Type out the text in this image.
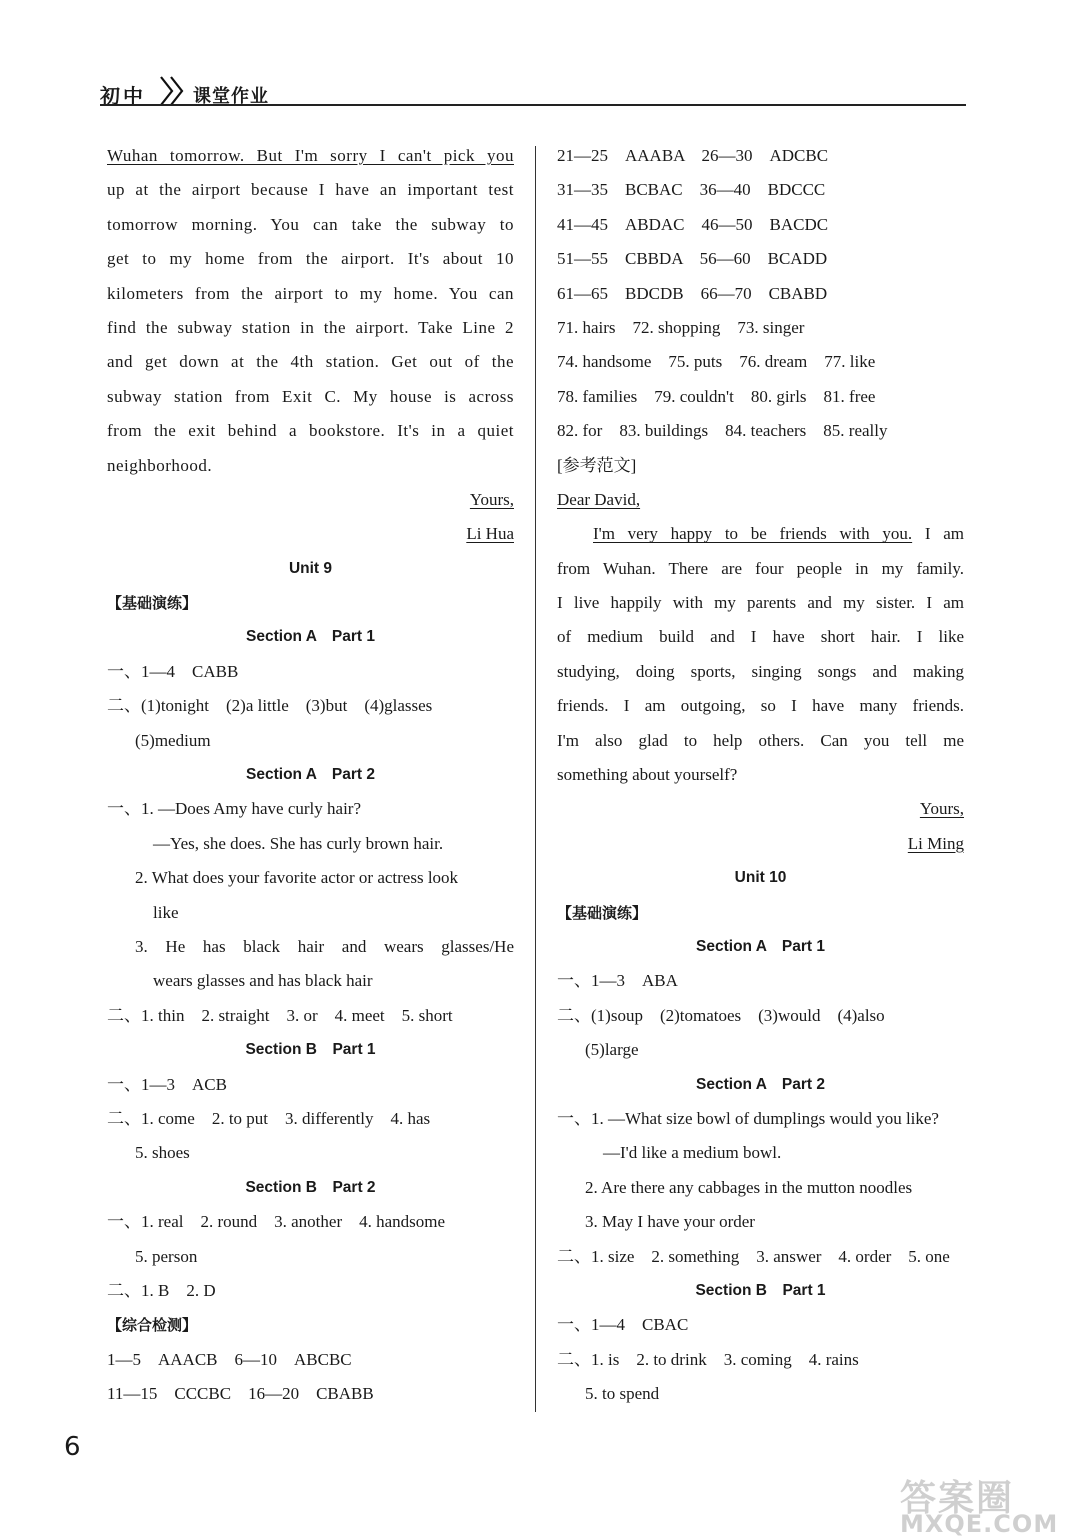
初中	课堂作业
Wuhan tomorrow. But I'm sorry I can't pick you
up at the airport because I have an important test
tomorrow morning. You can take the subway to
get to my home from the airport. It's about 10
kilometers from the airport to my home. You can
find the subway station in the airport. Take Line 2
and get down at the 4th station. Get out of the
subway station from Exit C. My house is across
from the exit behind a bookstore. It's in a quiet
neighborhood.
Yours,
Li Hua
Unit 9
【基础演练】
Section A　Part 1
一、1—4　CABB
二、(1)tonight　(2)a little　(3)but　(4)glasses
(5)medium
Section A　Part 2
一、1. —Does Amy have curly hair?
—Yes, she does. She has curly brown hair.
2. What does your favorite actor or actress look
like
3. He has black hair and wears glasses/He
wears glasses and has black hair
二、1. thin　2. straight　3. or　4. meet　5. short
Section B　Part 1
一、1—3　ACB
二、1. come　2. to put　3. differently　4. has
5. shoes
Section B　Part 2
一、1. real　2. round　3. another　4. handsome
5. person
二、1. B　2. D
【综合检测】
1—5　AAACB　6—10　ABCBC
11—15　CCCBC　16—20　CBABB
21—25　AAABA　26—30　ADCBC
31—35　BCBAC　36—40　BDCCC
41—45　ABDAC　46—50　BACDC
51—55　CBBDA　56—60　BCADD
61—65　BDCDB　66—70　CBABD
71. hairs　72. shopping　73. singer
74. handsome　75. puts　76. dream　77. like
78. families　79. couldn't　80. girls　81. free
82. for　83. buildings　84. teachers　85. really
[参考范文]
Dear David,
I'm very happy to be friends with you. I am
from Wuhan. There are four people in my family.
I live happily with my parents and my sister. I am
of medium build and I have short hair. I like
studying, doing sports, singing songs and making
friends. I am outgoing, so I have many friends.
I'm also glad to help others. Can you tell me
something about yourself?
Yours,
Li Ming
Unit 10
【基础演练】
Section A　Part 1
一、1—3　ABA
二、(1)soup　(2)tomatoes　(3)would　(4)also
(5)large
Section A　Part 2
一、1. —What size bowl of dumplings would you like?
—I'd like a medium bowl.
2. Are there any cabbages in the mutton noodles
3. May I have your order
二、1. size　2. something　3. answer　4. order　5. one
Section B　Part 1
一、1—4　CBAC
二、1. is　2. to drink　3. coming　4. rains
5. to spend
6
答案圈
MXQE.COM
